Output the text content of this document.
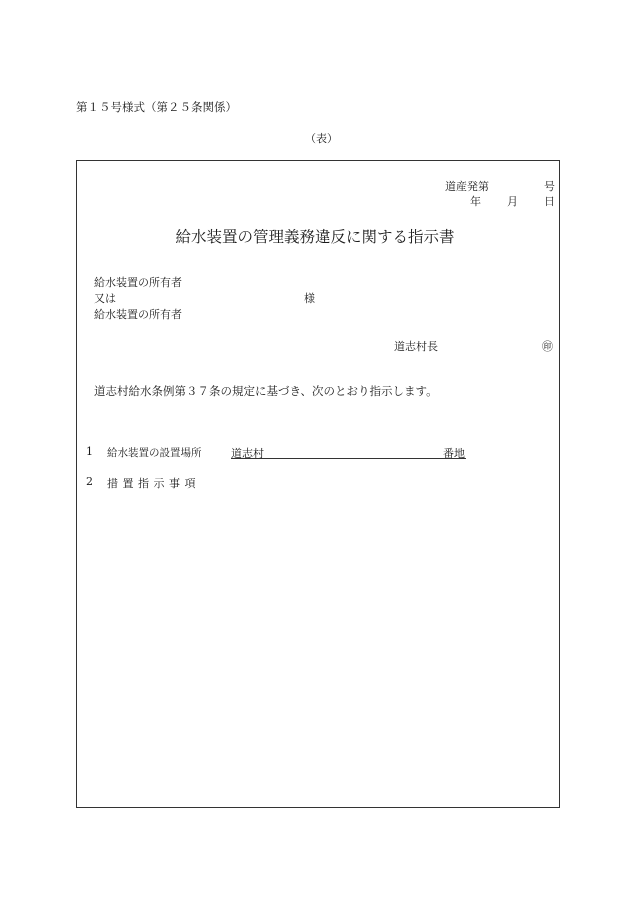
第１５号様式（第２５条関係）
（表）
道産発第	号
年 月 日
給水装置の管理義務違反に関する指示書
給水装置の所有者
又は
給水装置の所有者
様
道志村長	㊞
道志村給水条例第３７条の規定に基づき、次のとおり指示します。
1 給水装置の設置場所	道志村	番地
2 措置指示事項
